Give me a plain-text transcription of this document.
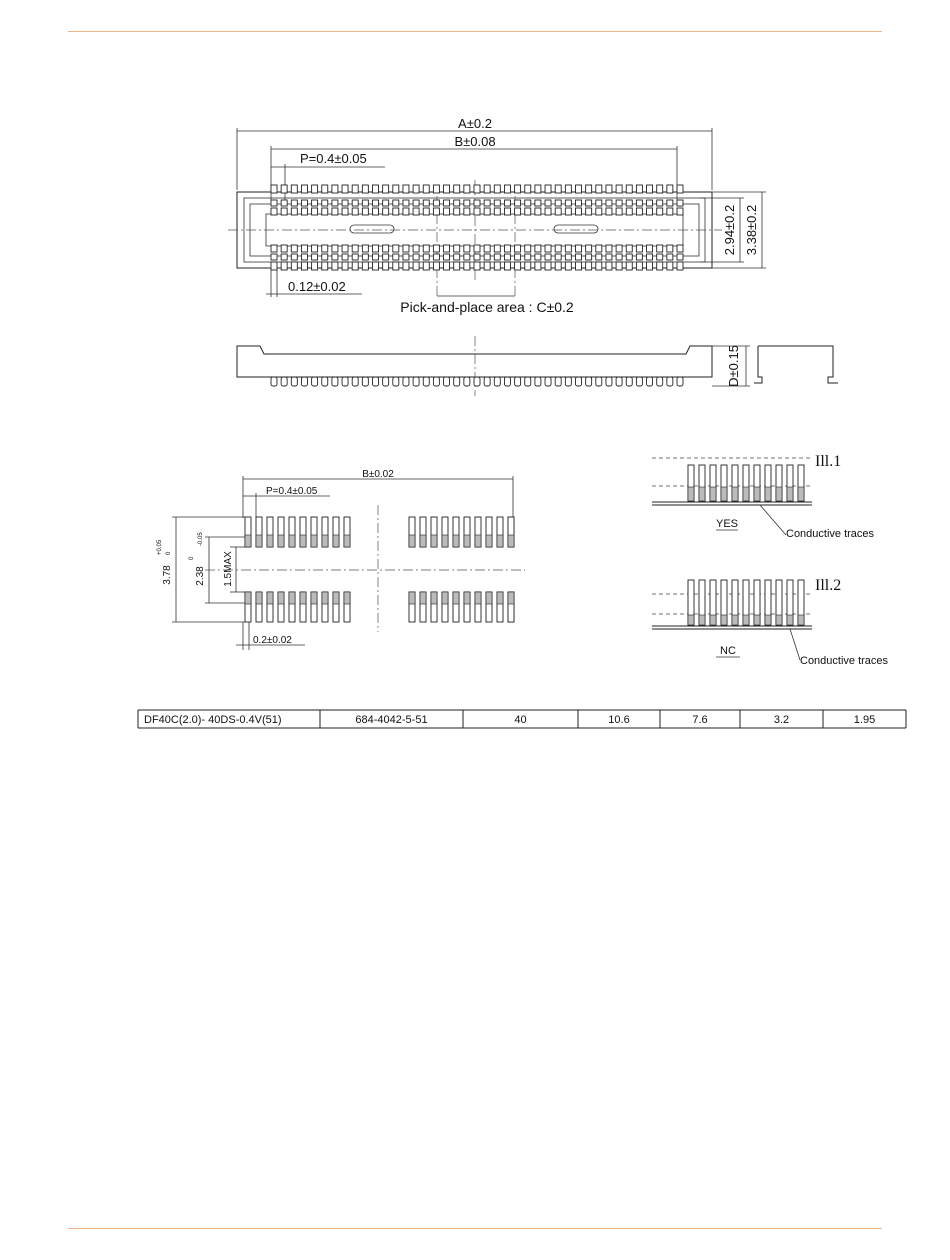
A±0.2
B±0.08
P=0.4±0.05
2.94±0.2 3.38±0.2
0.12±0.02
Pick-and-place area : C±0.2
D±0.15
B±0.02
P=0.4±0.05
3.78
+0.05 0
2.38
0
-0.05
1.5MAX
0.2±0.02
Ill.1
YES
Conductive traces
Ill.2
NC
Conductive traces
DF40C(2.0)- 40DS-0.4V(51)	684-4042-5-51	40	10.6	7.6	3.2	1.95
